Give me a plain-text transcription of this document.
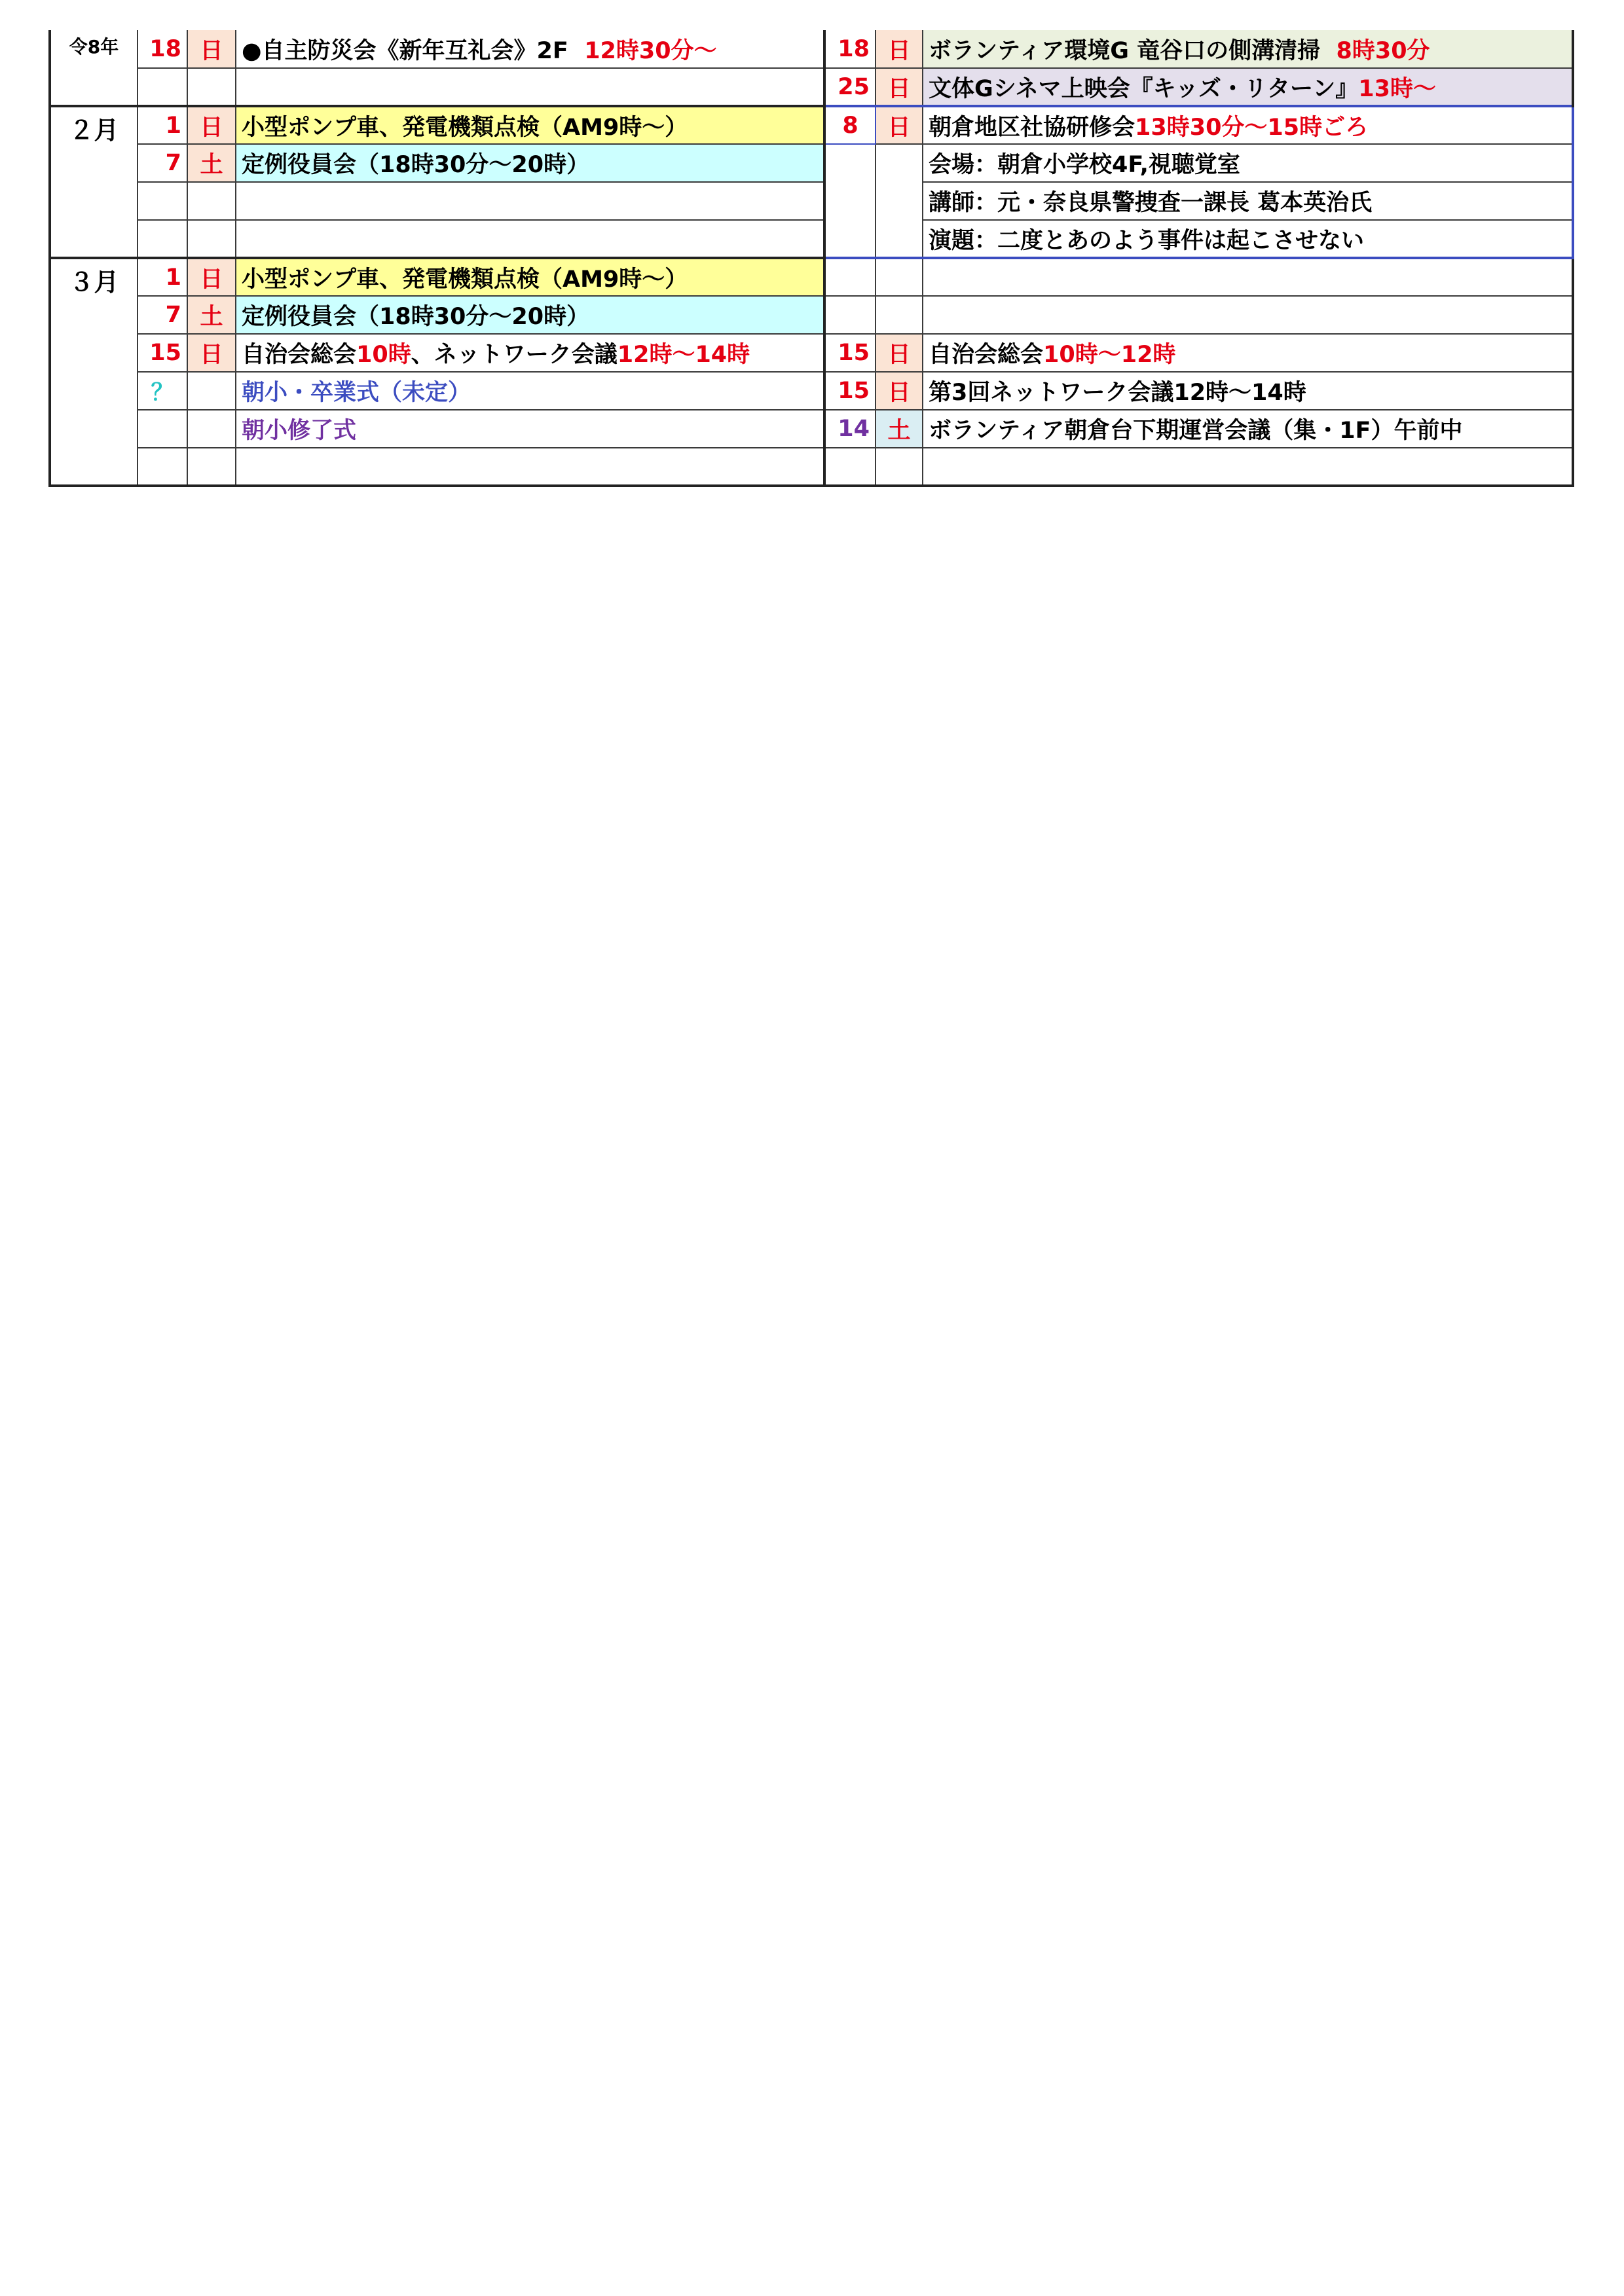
令8年	18	日	●自主防災会《新年互礼会》2F 12時30分～	18	日	ボランティア環境G 竜谷口の側溝清掃 8時30分
				25	日	文体Gシネマ上映会『キッズ・リターン』13時～
２月	1	日	小型ポンプ車、発電機類点検（AM9時～）	8	日	朝倉地区社協研修会13時30分～15時ごろ
	7	土	定例役員会（18時30分～20時）			会場：朝倉小学校4F,視聴覚室
						講師：元・奈良県警捜査一課長 葛本英治氏
						演題：二度とあのよう事件は起こさせない
３月	1	日	小型ポンプ車、発電機類点検（AM9時～）			
	7	土	定例役員会（18時30分～20時）			
	15	日	自治会総会10時、ネットワーク会議12時～14時	15	日	自治会総会10時～12時
	？		朝小・卒業式（未定）	15	日	第3回ネットワーク会議12時～14時
			朝小修了式	14	土	ボランティア朝倉台下期運営会議（集・1F）午前中
